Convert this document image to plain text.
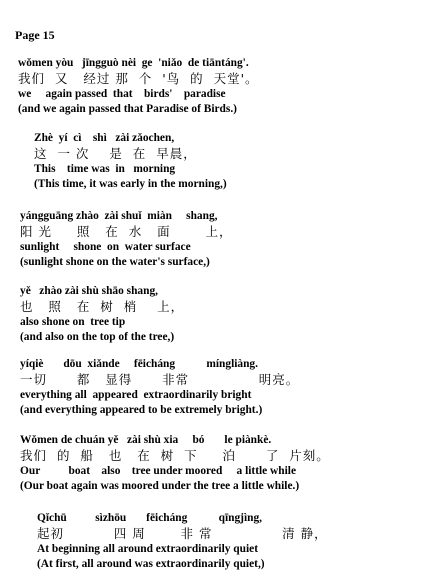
Page 15
wǒmen yòu   jīngguò nèi  ge  'niǎo  de tiāntáng'.
我们  又   经过 那  个  '鸟  的  天堂'。
we     again passed  that    birds'    paradise
(and we again passed that Paradise of Birds.)
Zhè  yí  cì    shì   zài zǎochen,
这  一 次    是  在  早晨，
This    time was  in   morning
(This time, it was early in the morning,)
yángguāng zhào  zài shuǐ  miàn     shang,
阳 光     照   在  水   面       上，
sunlight     shone  on  water surface
(sunlight shone on the water's surface,)
yě   zhào zài shù shāo shang,
也   照   在  树  梢    上，
also shone on  tree tip
(and also on the top of the tree,)
yíqiè       dōu  xiǎnde     fēicháng           míngliàng.
一切      都   显得      非常              明亮。
everything all  appeared  extraordinarily bright
(and everything appeared to be extremely bright.)
Wǒmen de chuán yě   zài shù xia     bó       le piànkè.
我们  的  船   也   在  树  下     泊      了  片刻。
Our          boat    also    tree under moored     a little while
(Our boat again was moored under the tree a little while.)
Qǐchū          sìzhōu       fēicháng           qīngjìng,
起初          四 周       非 常              清 静，
At beginning all around extraordinarily quiet
(At first, all around was extraordinarily quiet,)
